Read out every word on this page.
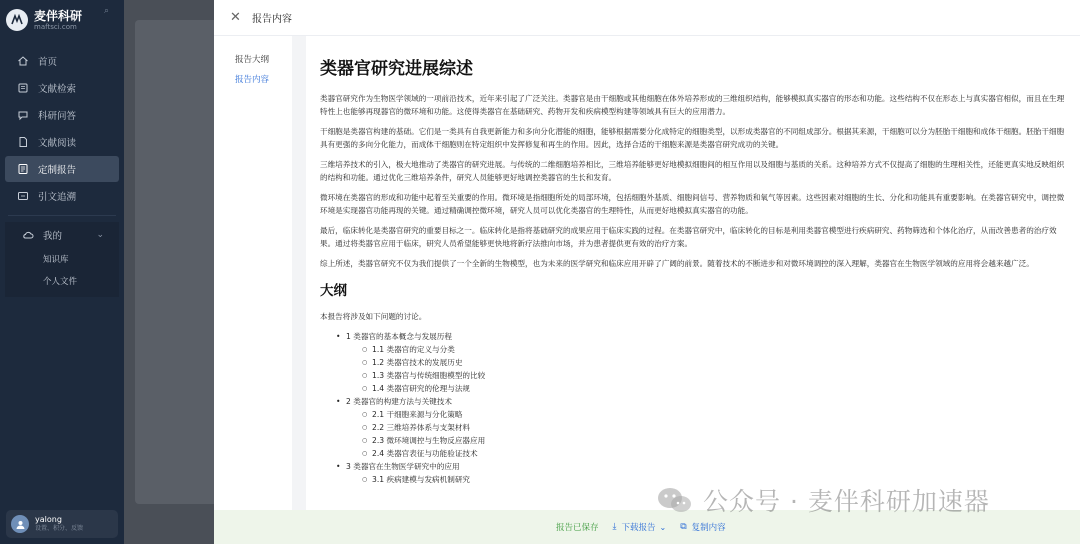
麦伴科研
maftsci.com
⌕
首页
文献检索
科研问答
文献阅读
定制报告
引文追溯
我的	⌄
知识库
个人文件
yalong
设置、积分、反馈
✕ 报告内容
报告大纲
报告内容
类器官研究进展综述

类器官研究作为生物医学领域的一项前沿技术，近年来引起了广泛关注。类器官是由干细胞或其他细胞在体外培养形成的三维组织结构，能够模拟真实器官的形态和功能。这些结构不仅在形态上与真实器官相似，而且在生理特性上也能够再现器官的微环境和功能。这使得类器官在基础研究、药物开发和疾病模型构建等领域具有巨大的应用潜力。

干细胞是类器官构建的基础。它们是一类具有自我更新能力和多向分化潜能的细胞，能够根据需要分化成特定的细胞类型，以形成类器官的不同组成部分。根据其来源，干细胞可以分为胚胎干细胞和成体干细胞。胚胎干细胞具有更强的多向分化能力，而成体干细胞则在特定组织中发挥修复和再生的作用。因此，选择合适的干细胞来源是类器官研究成功的关键。

三维培养技术的引入，极大地推动了类器官的研究进展。与传统的二维细胞培养相比，三维培养能够更好地模拟细胞间的相互作用以及细胞与基质的关系。这种培养方式不仅提高了细胞的生理相关性，还能更真实地反映组织的结构和功能。通过优化三维培养条件，研究人员能够更好地调控类器官的生长和发育。

微环境在类器官的形成和功能中起着至关重要的作用。微环境是指细胞所处的局部环境，包括细胞外基质、细胞间信号、营养物质和氧气等因素。这些因素对细胞的生长、分化和功能具有重要影响。在类器官研究中，调控微环境是实现器官功能再现的关键。通过精确调控微环境，研究人员可以优化类器官的生理特性，从而更好地模拟真实器官的功能。

最后，临床转化是类器官研究的重要目标之一。临床转化是指将基础研究的成果应用于临床实践的过程。在类器官研究中，临床转化的目标是利用类器官模型进行疾病研究、药物筛选和个体化治疗，从而改善患者的治疗效果。通过将类器官应用于临床，研究人员希望能够更快地将新疗法推向市场，并为患者提供更有效的治疗方案。

综上所述，类器官研究不仅为我们提供了一个全新的生物模型，也为未来的医学研究和临床应用开辟了广阔的前景。随着技术的不断进步和对微环境调控的深入理解，类器官在生物医学领域的应用将会越来越广泛。

大纲

本报告将涉及如下问题的讨论。

• 1 类器官的基本概念与发展历程
○ 1.1 类器官的定义与分类
○ 1.2 类器官技术的发展历史
○ 1.3 类器官与传统细胞模型的比较
○ 1.4 类器官研究的伦理与法规
• 2 类器官的构建方法与关键技术
○ 2.1 干细胞来源与分化策略
○ 2.2 三维培养体系与支架材料
○ 2.3 微环境调控与生物反应器应用
○ 2.4 类器官表征与功能验证技术
• 3 类器官在生物医学研究中的应用
○ 3.1 疾病建模与发病机制研究
报告已保存 ⤓ 下载报告 ⌄ ⧉ 复制内容
公众号 · 麦伴科研加速器
